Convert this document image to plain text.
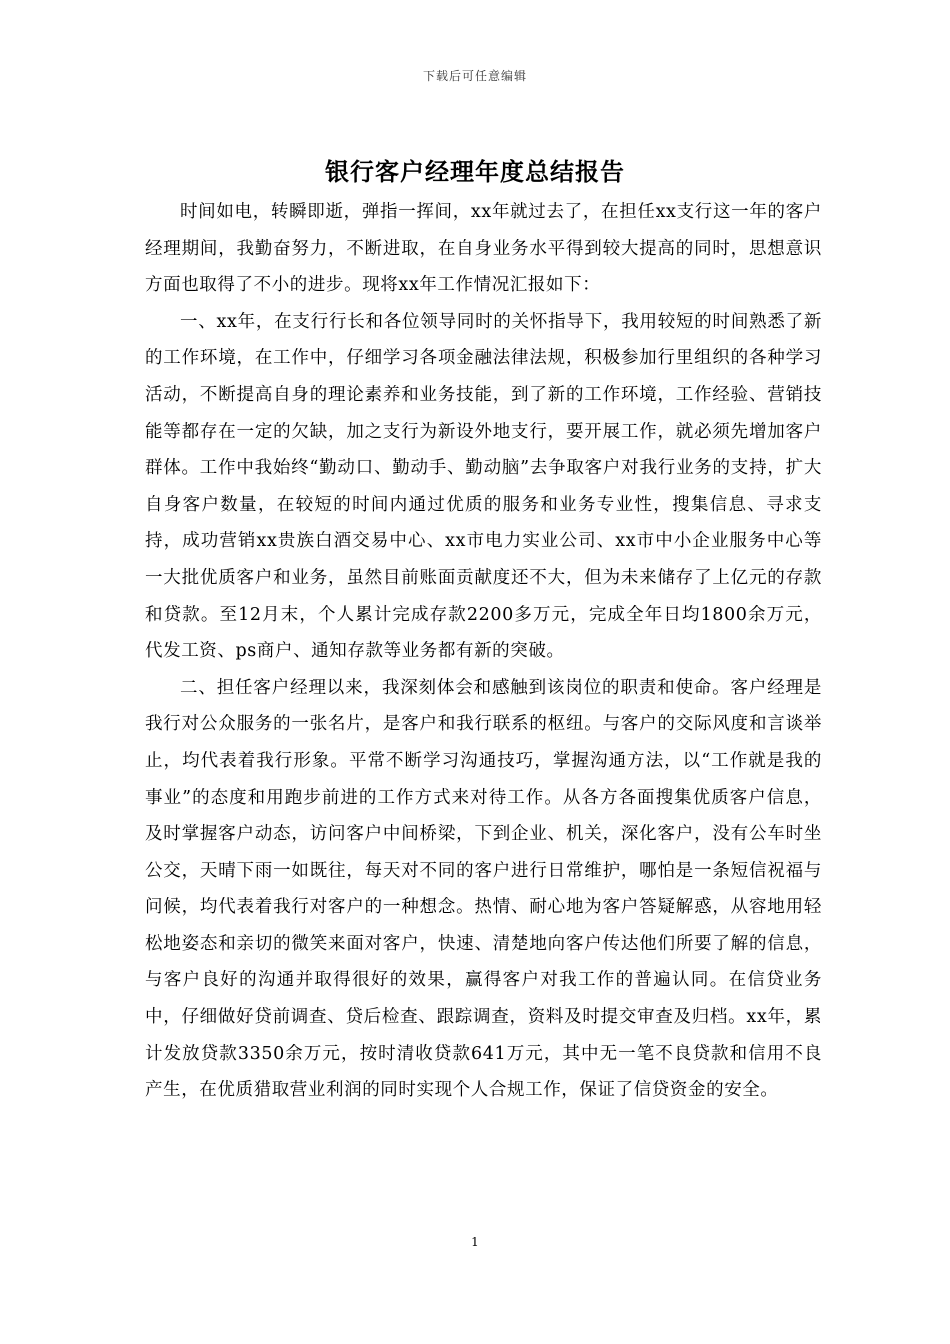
下载后可任意编辑
银行客户经理年度总结报告

时间如电，转瞬即逝，弹指一挥间，xx年就过去了，在担任xx支行这一年的客户经理期间，我勤奋努力，不断进取，在自身业务水平得到较大提高的同时，思想意识方面也取得了不小的进步。现将xx年工作情况汇报如下：

一、xx年，在支行行长和各位领导同时的关怀指导下，我用较短的时间熟悉了新的工作环境，在工作中，仔细学习各项金融法律法规，积极参加行里组织的各种学习活动，不断提高自身的理论素养和业务技能，到了新的工作环境，工作经验、营销技能等都存在一定的欠缺，加之支行为新设外地支行，要开展工作，就必须先增加客户群体。工作中我始终“勤动口、勤动手、勤动脑”去争取客户对我行业务的支持，扩大自身客户数量，在较短的时间内通过优质的服务和业务专业性，搜集信息、寻求支持，成功营销xx贵族白酒交易中心、xx市电力实业公司、xx市中小企业服务中心等一大批优质客户和业务，虽然目前账面贡献度还不大，但为未来储存了上亿元的存款和贷款。至12月末，个人累计完成存款2200多万元，完成全年日均1800余万元，代发工资、ps商户、通知存款等业务都有新的突破。

二、担任客户经理以来，我深刻体会和感触到该岗位的职责和使命。客户经理是我行对公众服务的一张名片，是客户和我行联系的枢纽。与客户的交际风度和言谈举止，均代表着我行形象。平常不断学习沟通技巧，掌握沟通方法，以“工作就是我的事业”的态度和用跑步前进的工作方式来对待工作。从各方各面搜集优质客户信息，及时掌握客户动态，访问客户中间桥梁，下到企业、机关，深化客户，没有公车时坐公交，天晴下雨一如既往，每天对不同的客户进行日常维护，哪怕是一条短信祝福与问候，均代表着我行对客户的一种想念。热情、耐心地为客户答疑解惑，从容地用轻松地姿态和亲切的微笑来面对客户，快速、清楚地向客户传达他们所要了解的信息，与客户良好的沟通并取得很好的效果，赢得客户对我工作的普遍认同。在信贷业务中，仔细做好贷前调查、贷后检查、跟踪调查，资料及时提交审查及归档。xx年，累计发放贷款3350余万元，按时清收贷款641万元，其中无一笔不良贷款和信用不良产生，在优质猎取营业利润的同时实现个人合规工作，保证了信贷资金的安全。

1
